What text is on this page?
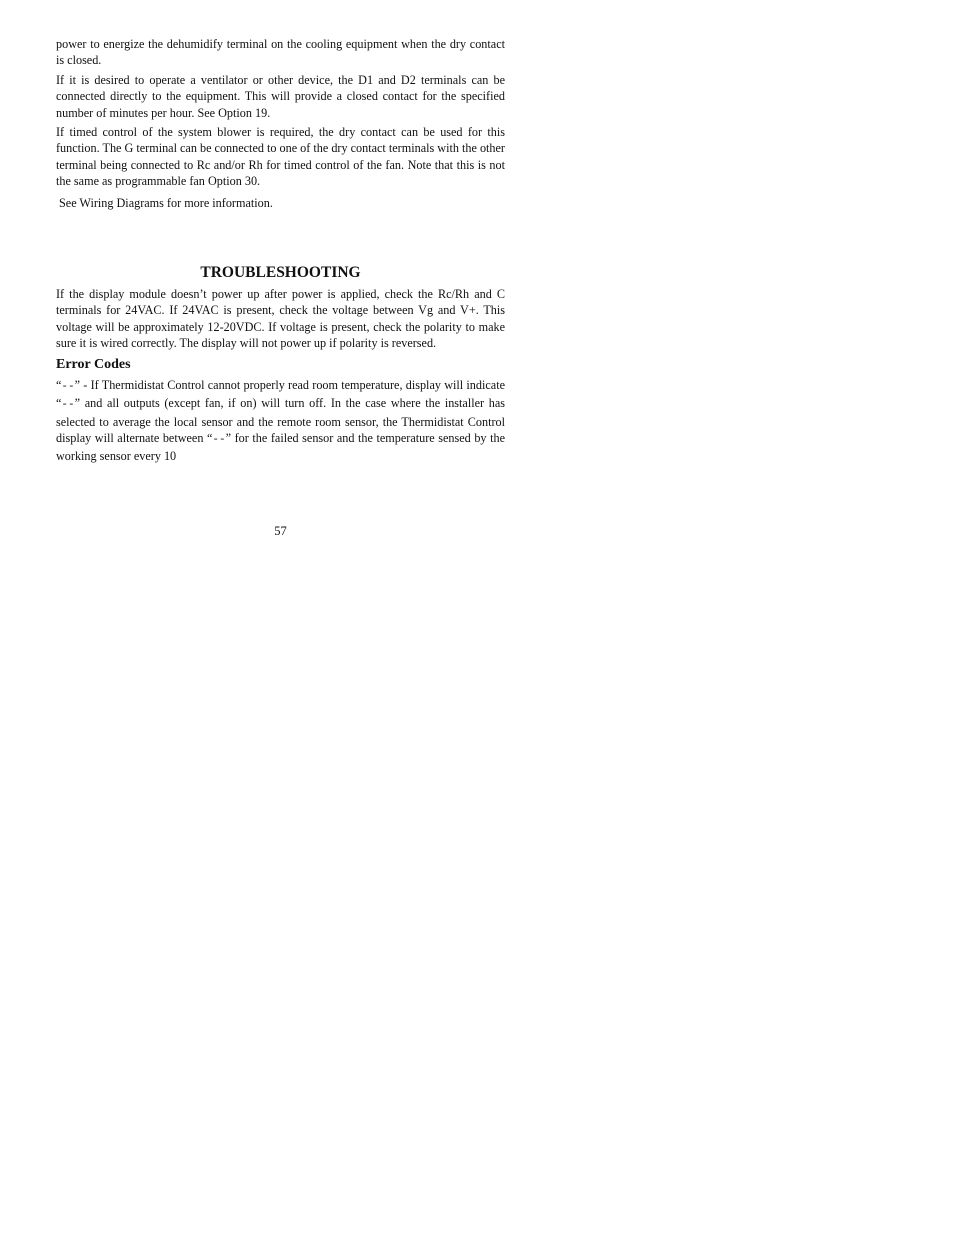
power to energize the dehumidify terminal on the cooling equipment when the dry contact is closed.

If it is desired to operate a ventilator or other device, the D1 and D2 terminals can be connected directly to the equipment. This will provide a closed contact for the specified number of minutes per hour. See Option 19.

If timed control of the system blower is required, the dry contact can be used for this function. The G terminal can be connected to one of the dry contact terminals with the other terminal being connected to Rc and/or Rh for timed control of the fan. Note that this is not the same as programmable fan Option 30.

See Wiring Diagrams for more information.

TROUBLESHOOTING

If the display module doesn’t power up after power is applied, check the Rc/Rh and C terminals for 24VAC. If 24VAC is present, check the voltage between Vg and V+. This voltage will be approximately 12-20VDC. If voltage is present, check the polarity to make sure it is wired correctly. The display will not power up if polarity is reversed.

Error Codes

“--” - If Thermidistat Control cannot properly read room temperature, display will indicate “--” and all outputs (except fan, if on) will turn off. In the case where the installer has selected to average the local sensor and the remote room sensor, the Thermidistat Control display will alternate between “--” for the failed sensor and the temperature sensed by the working sensor every 10

57
